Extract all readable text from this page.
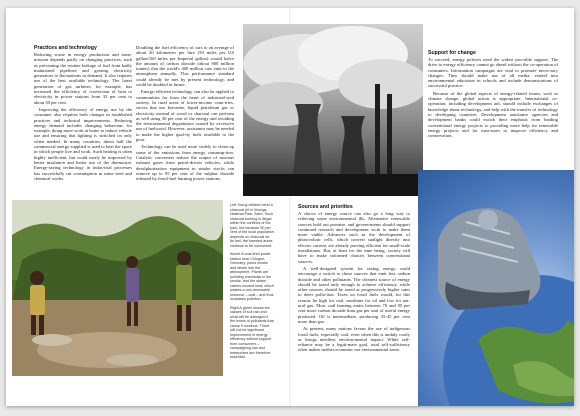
Practices and technology

Reducing waste in energy production and trans-mission depends partly on changing practices, such as preventing the routine leakage of fuel from badly maintained pipelines and gearing electricity generators to fluctuations in demand. It also requires use of the best available technology. The latest generation of gas turbines, for example, has increased the efficiency of conversion of heat to electricity in power stations from 33 per cent to about 50 per cent.

Improving the efficiency of energy use by the consumer also requires both changes in established practices and technical improvements. Reducing energy demand includes changing behaviour, for example, doing more work at home to reduce vehicle use and ensuring that lighting is switched on only when needed. In many countries, about half the commercial energy supplied is used to heat the space in which people live and work. Such heating is often highly inefficient, but could easily be improved by better insulation and better use of the thermostat. Energy-saving technology in indus-trial processes has successfully cut consumption in some steel and chemical works.

Doubling the fuel efficiency of cars to an average of about 20 kilometres per litre (50 miles per US gallon/160 miles per Imperial gallon) would halve the amount of carbon dioxide (about 900 million tonnes) that the world's 400 million cars emit to the atmosphere annually. This performance standard could already be met by present technology, and could be doubled in future.

Energy-efficient technology can also be applied to communities far from the heart of industrial-ized society. In rural areas of lower-income coun-tries, stoves that use kerosene, liquid petroleum gas or electricity instead of wood or charcoal can perform as well using 30 per cent of the energy and avoiding the environmental degradation caused by excessive use of fuelwood. However, assistance may be needed to make the higher qual-ity fuels available to the poor.

Technology can be used more widely to clean up some of the emissions from energy consump-tion. Catalytic converters reduce the output of noxious exhaust gases from petrol-driven vehicles, while desulphurization equipment in smoke stacks can remove up to 95 per cent of the sulphur dioxide released by fossil-fuel burning power stations.

Left Young children tend a charcoal pit in Virunga National Park, Zaire, Such charcoal burning is illegal within the confines of the park, but because 50 per cent of the local population depends on charcoal for its fuel, the forested areas continue to be consumed.

Above A coal-fired power station near Cologne, Germany, pours smoke and steam into the atmosphere. Plants are polluting chemicals in the smoke, and the steam carries unused heat, which wastes a non-renewable resource – coal – and thus increases pollution.

Right A green shows the causes of soil rain and what will be damaged if the levels of pollutants that cause it continue. There will not be significant improvement in energy efficiency without support from consumers – campaigning can and enterprises are therefore essential.

Support for change

To succeed, energy policies need the widest pos-sible support. The drive to energy efficiency cannot go ahead without the co-operation of consumers. Information campaigns are vital to promote neces-sary changes. They should make use of all media, extend into environmental education in schools and include demonstrations of successful practice.

Because of the global aspects of energy-related issues, such as climate change, global action is appropriate. International co-operation, including development aid, should include exchanges of knowledge about technology, and help with the transfer of technology to developing countries. Development assistance agencies and development banks could switch their emphasis from funding conventional energy projects to providing more help for renewable energy projects and for mea-sures to improve efficiency and conservation.

Sources and priorities

A choice of energy source can also go a long way to relieving some environmental ills. Alternative renewable sources hold out promise, and govern-ments should support continued research and development work to make them more viable. Advances such as the development of photovoltaic cells, which convert sunlight directly into electric current, are already proving efficient for small-scale installations. But, at least for the time being, society will have to make informed choices between conventional sources.

A well-designed system for taxing energy could encourage a switch to those sources that emit less carbon dioxide and other pollutants. The cleanest source of energy should be taxed only enough to achieve efficiency, while other sources should be taxed at progressively higher rates to deter pollu-tion. Taxes on fossil fuels would, for this reason, be high for coal, moderate for oil and low for nat-ural gas. Most coal burning emits between 70 and 95 per cent more carbon dioxide than gas per unit of useful energy produced. Oil is intermediate, producing 35-45 per cent more than gas.

At present, many nations favour the use of indigenous fossil fuels, especially coal, even when this is unduly costly or brings needless environ-mental impact. While self-reliance may be a legiti-mate goal, total self-sufficiency often makes neither economic nor environmental sense.
